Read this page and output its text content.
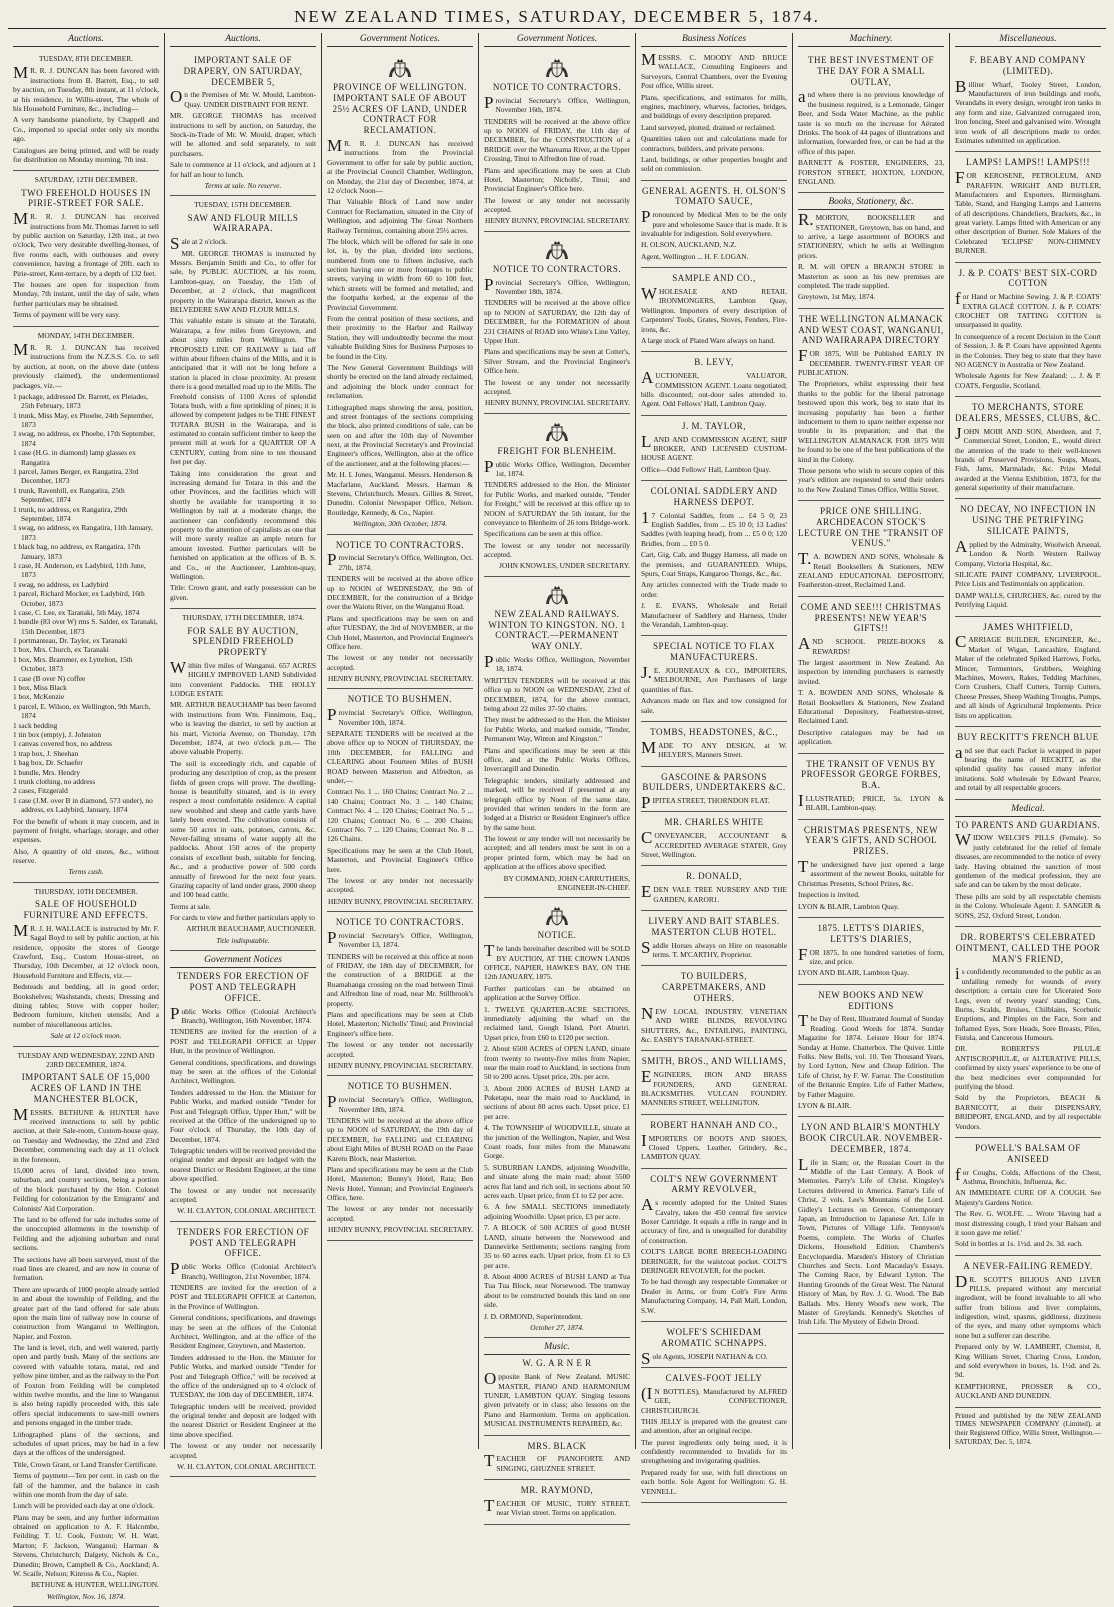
NEW ZEALAND TIMES, SATURDAY, DECEMBER 5, 1874.
Auctions.
TUESDAY, 8TH DECEMBER.

MR. R. J. DUNCAN has been favored with instructions from B. Barrett, Esq., to sell by auction, on Tuesday, 8th instant, at 11 o'clock, at his residence, in Willis-street, The whole of his Household Furniture, &c., including—

A very handsome pianoforte, by Chappell and Co., imported to special order only six months ago.

Catalogues are being printed, and will be ready for distribution on Monday morning, 7th inst.

SATURDAY, 12TH DECEMBER.
TWO FREEHOLD HOUSES IN PIRIE-STREET FOR SALE.

MR. R. J. DUNCAN has received instructions from Mr. Thomas Jarrett to sell by public auction on Saturday, 12th inst., at two o'clock, Two very desirable dwelling-houses, of five rooms each, with outhouses and every convenience, having a frontage of 20ft. each to Pirie-street, Kent-terrace, by a depth of 132 feet.

The houses are open for inspection from Monday, 7th instant, until the day of sale, when further particulars may be obtained.

Terms of payment will be very easy.

MONDAY, 14TH DECEMBER.

MR. R. J. DUNCAN has received instructions from the N.Z.S.S. Co. to sell by auction, at noon, on the above date (unless previously claimed), the undermentioned packages, viz.—

1 package, addressed Dr. Barrett, ex Pleiades, 25th February, 1873
1 trunk, Miss May, ex Phoebe, 24th September, 1873
1 swag, no address, ex Phoebe, 17th September, 1874
1 case (H.G. in diamond) lamp glasses ex Rangatira
1 parcel, James Berger, ex Rangatira, 23rd December, 1873
1 trunk, Ravenhill, ex Rangatira, 25th September, 1874
1 trunk, no address, ex Rangatira, 29th September, 1874
1 swag, no address, ex Rangatira, 11th January, 1873
1 black bag, no address, ex Rangatira, 17th January, 1873
1 case, H. Anderson, ex Ladybird, 11th June, 1873
1 swag, no address, ex Ladybird
1 parcel, Richard Mocker, ex Ladybird, 16th October, 1873
1 case, C. Lee, ex Taranaki, 5th May, 1874
1 bundle (83 over W) rms S. Salder, ex Taranaki, 15th December, 1873
1 portmanteau, Dr. Taylor, ex Taranaki
1 box, Mrs. Church, ex Taranaki
1 box, Mrs. Brammer, ex Lyttelton, 15th October, 1873
1 case (B over N) coffee
1 box, Miss Black
1 box, McKenzie
1 parcel, E. Wilson, ex Wellington, 9th March, 1874
1 sack bedding
1 tin box (empty), J. Johnston
1 canvas covered box, no address
1 trap box, J. Sheehan
1 bag box, Dr. Schaefer
1 bundle, Mrs. Hendry
1 trunk clothing, no address
2 cases, Fitzgerald
1 case (J.M. over B in diamond, 573 under), no address, ex Ladybird, January, 1874

For the benefit of whom it may concern, and in payment of freight, wharfage, storage, and other expenses.

Also, A quantity of old stores, &c., without reserve.

Terms cash.
THURSDAY, 10TH DECEMBER.
SALE OF HOUSEHOLD FURNITURE AND EFFECTS.

MR. J. H. WALLACE is instructed by Mr. F. Sagal Boyd to sell by public auction, at his residence, opposite the stores of George Crawford, Esq., Custom House-street, on Thursday, 10th December, at 12 o'clock noon, Household Furniture and Effects, viz.—

Bedsteads and bedding, all in good order; Bookshelves; Washstands, chests; Dressing and dining tables; Stove with copper boiler; Bedroom furniture, kitchen utensils; And a number of miscellaneous articles.

Sale at 12 o'clock noon.
TUESDAY AND WEDNESDAY, 22ND AND 23RD DECEMBER, 1874.
IMPORTANT SALE OF 15,000 ACRES OF LAND IN THE MANCHESTER BLOCK,

MESSRS. BETHUNE & HUNTER have received instructions to sell by public auction, at their Sale-room, Custom-house quay, on Tuesday and Wednesday, the 22nd and 23rd December, commencing each day at 11 o'clock in the forenoon,

15,000 acres of land, divided into town, suburban, and country sections, being a portion of the block purchased by the Hon. Colonel Feilding for colonization by the Emigrants' and Colonists' Aid Corporation.

The land to be offered for sale includes some of the unoccupied allotments in the township of Feilding and the adjoining suburban and rural sections.

The sections have all been surveyed, most of the road lines are cleared, and are now in course of formation.

There are upwards of 1000 people already settled in and about the township of Feilding, and the greater part of the land offered for sale abuts upon the main line of railway now in course of construction from Wanganui to Wellington, Napier, and Foxton.

The land is level, rich, and well watered, partly open and partly bush. Many of the sections are covered with valuable totara, matai, red and yellow pine timber, and as the railway to the Port of Foxton from Feilding will be completed within twelve months, and the line to Wanganui is also being rapidly proceeded with, this sale offers special inducements to saw-mill owners and persons engaged in the timber trade.

Lithographed plans of the sections, and schedules of upset prices, may be had in a few days at the offices of the undersigned.

Title, Crown Grant, or Land Transfer Certificate.

Terms of payment—Ten per cent. in cash on the fall of the hammer, and the balance in cash within one month from the day of sale.

Lunch will be provided each day at one o'clock.

Plans may be seen, and any further information obtained on application to A. F. Halcombe, Feilding; T. U. Cook, Foxton; W. H. Watt, Marton; F. Jackson, Wanganui; Harman & Stevens, Christchurch; Dalgety, Nichols & Co., Dunedin; Brown, Campbell & Co., Auckland; A. W. Scaife, Nelson; Kinross & Co., Napier.

BETHUNE & HUNTER, WELLINGTON.
Wellington, Nov. 16, 1874.
Auctions.
IMPORTANT SALE OF DRAPERY, ON SATURDAY, DECEMBER 5,

On the Premises of Mr. W. Mould, Lambton-Quay. UNDER DISTRAINT FOR RENT.

MR. GEORGE THOMAS has received instructions to sell by auction, on Saturday, the Stock-in-Trade of Mr. W. Mould, draper, which will be allotted and sold separately, to suit purchasers.

Sale to commence at 11 o'clock, and adjourn at 1 for half an hour to lunch.

Terms at sale. No reserve.
TUESDAY, 15TH DECEMBER.
SAW AND FLOUR MILLS WAIRARAPA.

Sale at 2 o'clock.

MR. GEORGE THOMAS is instructed by Messrs. Benjamin Smith and Co., to offer for sale, by PUBLIC AUCTION, at his room, Lambton-quay, on Tuesday, the 15th of December, at 2 o'clock, that magnificent property in the Wairarapa district, known as the BELVEDERE SAW AND FLOUR MILLS.

This valuable estate is situate at the Taratahi, Wairarapa, a few miles from Greytown, and about sixty miles from Wellington. The PROPOSED LINE OF RAILWAY is laid off within about fifteen chains of the Mills, and it is anticipated that it will not be long before a station is placed in close proximity. At present there is a good metalled road up to the Mills. The Freehold consists of 1100 Acres of splendid Totara bush, with a fine sprinkling of pines; it is allowed by competent judges to be THE FINEST TOTARA BUSH in the Wairarapa, and is estimated to contain sufficient timber to keep the present mill at work for a QUARTER OF A CENTURY, cutting from nine to ten thousand feet per day.

Taking into consideration the great and increasing demand for Totara in this and the other Provinces, and the facilities which will shortly be available for transporting it to Wellington by rail at a moderate charge, the auctioneer can confidently recommend this property to the attention of capitalists as one that will more surely realize an ample return for amount invested. Further particulars will be furnished on application at the offices of B. S. and Co., or the Auctioneer, Lambton-quay, Wellington.

Title: Crown grant, and early possession can be given.

THURSDAY, 17TH DECEMBER, 1874.
FOR SALE BY AUCTION, SPLENDID FREEHOLD PROPERTY

Within five miles of Wanganui. 657 ACRES HIGHLY IMPROVED LAND Subdivided into convenient Paddocks. THE HOLLY LODGE ESTATE

MR. ARTHUR BEAUCHAMP has been favored with instructions from Wm. Finnimore, Esq., who is leaving the district, to sell by auction at his mart, Victoria Avenue, on Thursday, 17th December, 1874, at two o'clock p.m.— The above valuable Property.

The soil is exceedingly rich, and capable of producing any description of crop, as the present fields of green crops will prove. The dwelling-house is beautifully situated, and is in every respect a most comfortable residence. A capital new woolshed and sheep and cattle yards have lately been erected. The cultivation consists of some 50 acres in oats, potatoes, carrots, &c. Never-failing streams of water supply all the paddocks. About 150 acres of the property consists of excellent bush, suitable for fencing, &c., and a productive power of 500 cords annually of firewood for the next four years. Grazing capacity of land under grass, 2000 sheep and 100 head cattle.

Terms at sale.

For cards to view and further particulars apply to

ARTHUR BEAUCHAMP, AUCTIONEER.
Title indisputable.
Government Notices
TENDERS FOR ERECTION OF POST AND TELEGRAPH OFFICE.

Public Works Office (Colonial Architect's Branch), Wellington, 16th November, 1874.

TENDERS are invited for the erection of a POST and TELEGRAPH OFFICE at Upper Hutt, in the province of Wellington.

General conditions, specifications, and drawings may be seen at the offices of the Colonial Architect, Wellington.

Tenders addressed to the Hon. the Minister for Public Works, and marked outside "Tender for Post and Telegraph Office, Upper Hutt," will be received at the Office of the undersigned up to Four o'clock of Thursday, the 10th day of December, 1874.

Telegraphic tenders will be received provided the original tender and deposit are lodged with the nearest District or Resident Engineer, at the time above specified.

The lowest or any tender not necessarily accepted.

W. H. CLAYTON, COLONIAL ARCHITECT.
TENDERS FOR ERECTION OF POST AND TELEGRAPH OFFICE.

Public Works Office (Colonial Architect's Branch), Wellington, 21st November, 1874.

TENDERS are invited for the erection of a POST and TELEGRAPH OFFICE at Carterton, in the Province of Wellington.

General conditions, specifications, and drawings may be seen at the offices of the Colonial Architect, Wellington, and at the office of the Resident Engineer, Greytown, and Masterton.

Tenders addressed to the Hon. the Minister for Public Works, and marked outside "Tender for Post and Telegraph Office," will be received at the office of the undersigned up to 4 o'clock of TUESDAY, the 10th day of DECEMBER, 1874.

Telegraphic tenders will be received, provided the original tender and deposit are lodged with the nearest District or Resident Engineer at the time above specified.

The lowest or any tender not necessarily accepted.

W. H. CLAYTON, COLONIAL ARCHITECT.
Government Notices.
PROVINCE OF WELLINGTON. IMPORTANT SALE OF ABOUT 25½ ACRES OF LAND, UNDER CONTRACT FOR RECLAMATION.

MR. R. J. DUNCAN has received instructions from the Provincial Government to offer for sale by public auction, at the Provincial Council Chamber, Wellington, on Monday, the 21st day of December, 1874, at 12 o'clock Noon—

That Valuable Block of Land now under Contract for Reclamation, situated in the City of Wellington, and adjoining The Great Northern Railway Terminus, containing about 25½ acres.

The block, which will be offered for sale in one lot, is, by the plan, divided into sections, numbered from one to fifteen inclusive, each section having one or more frontages to public streets, varying in width from 60 to 100 feet, which streets will be formed and metalled, and the footpaths kerbed, at the expense of the Provincial Government.

From the central position of these sections, and their proximity to the Harbor and Railway Station, they will undoubtedly become the most valuable Building Sites for Business Purposes to be found in the City.

The New General Government Buildings will shortly be erected on the land already reclaimed, and adjoining the block under contract for reclamation.

Lithographed maps showing the area, position, and street frontages of the sections comprising the block, also printed conditions of sale, can be seen on and after the 10th day of November next, at the Provincial Secretary's and Provincial Engineer's offices, Wellington, also at the office of the auctioneer, and at the following places:—

Mr. H. I. Jones, Wanganui. Messrs. Henderson & Macfarlane, Auckland. Messrs. Harman & Stevens, Christchurch. Messrs. Gillies & Street, Dunedin. Colonist Newspaper Office, Nelson. Routledge, Kennedy, & Co., Napier.

Wellington, 30th October, 1874.
NOTICE TO CONTRACTORS.

Provincial Secretary's Office, Wellington, Oct. 27th, 1874.

TENDERS will be received at the above office up to NOON of WEDNESDAY, the 9th of DECEMBER, for the construction of a Bridge over the Waiotu River, on the Wanganui Road.

Plans and specifications may be seen on and after TUESDAY, the 3rd of NOVEMBER, at the Club Hotel, Masterton, and Provincial Engineer's Office here.

The lowest or any tender not necessarily accepted.

HENRY BUNNY, PROVINCIAL SECRETARY.
NOTICE TO BUSHMEN.

Provincial Secretary's Office, Wellington, November 10th, 1874.

SEPARATE TENDERS will be received at the above office up to NOON of THURSDAY, the 10th DECEMBER, for FALLING and CLEARING about Fourteen Miles of BUSH ROAD between Masterton and Alfredton, as under,—

Contract No. 1 ... 160 Chains; Contract No. 2 ... 140 Chains; Contract No. 3 ... 140 Chains; Contract No. 4 ... 120 Chains; Contract No. 5 ... 120 Chains; Contract No. 6 ... 200 Chains; Contract No. 7 ... 120 Chains; Contract No. 8 ... 126 Chains.

Specifications may be seen at the Club Hotel, Masterton, and Provincial Engineer's Office here.

The lowest or any tender not necessarily accepted.

HENRY BUNNY, PROVINCIAL SECRETARY.
NOTICE TO CONTRACTORS.

Provincial Secretary's Office, Wellington, November 13, 1874.

TENDERS will be received at this office at noon of FRIDAY, the 18th day of DECEMBER, for the construction of a BRIDGE at the Ruamahanga crossing on the road between Tinui and Alfredton line of road, near Mr. Stillbrook's property.

Plans and specifications may be seen at Club Hotel, Masterton; Nicholls' Tinui; and Provincial Engineer's office here.

The lowest or any tender not necessarily accepted.

HENRY BUNNY, PROVINCIAL SECRETARY.
NOTICE TO BUSHMEN.

Provincial Secretary's Office, Wellington, November 18th, 1874.

TENDERS will be received at the above office up to NOON of SATURDAY, the 19th day of DECEMBER, for FALLING and CLEARING about Eight Miles of BUSH ROAD on the Parae Karetu Block, near Masterton.

Plans and specifications may be seen at the Club Hotel, Masterton; Bunny's Hotel, Rata; Ben Nevis Hotel, Yunnan; and Provincial Engineer's Office, here.

The lowest or any tender not necessarily accepted.

HENRY BUNNY, PROVINCIAL SECRETARY.
Government Notices.
NOTICE TO CONTRACTORS.

Provincial Secretary's Office, Wellington, November 16th, 1874.

TENDERS will be received at the above office up to NOON of FRIDAY, the 11th day of DECEMBER, for the CONSTRUCTION of a BRIDGE over the Whareama River, at the Upper Crossing, Tinui to Alfredton line of road.

Plans and specifications may be seen at Club Hotel, Masterton; Nicholls', Tinui; and Provincial Engineer's Office here.

The lowest or any tender not necessarily accepted.

HENRY BUNNY, PROVINCIAL SECRETARY.
NOTICE TO CONTRACTORS.

Provincial Secretary's Office, Wellington, November 18th, 1874.

TENDERS will be received at the above office up to NOON of SATURDAY, the 12th day of DECEMBER, for the FORMATION of about 231 CHAINS of ROAD into White's Line Valley, Upper Hutt.

Plans and specifications may be seen at Cotter's, Silver Stream, and the Provincial Engineer's Office here.

The lowest or any tender not necessarily accepted.

HENRY BUNNY, PROVINCIAL SECRETARY.
FREIGHT FOR BLENHEIM.

Public Works Office, Wellington, December 1st, 1874.

TENDERS addressed to the Hon. the Minister for Public Works, and marked outside, "Tender for Freight," will be received at this office up to NOON of SATURDAY the 5th instant, for the conveyance to Blenheim of 26 tons Bridge-work.

Specifications can be seen at this office.

The lowest or any tender not necessarily accepted.

JOHN KNOWLES, UNDER SECRETARY.
NEW ZEALAND RAILWAYS. WINTON TO KINGSTON. NO. 1 CONTRACT.—PERMANENT WAY ONLY.

Public Works Office, Wellington, November 18, 1874.

WRITTEN TENDERS will be received at this office up to NOON on WEDNESDAY, 23rd of DECEMBER, 1874, for the above contract, being about 22 miles 37-50 chains.

They must be addressed to the Hon. the Minister for Public Works, and marked outside, "Tender, Permanent Way, Winton and Kingston."

Plans and specifications may be seen at this office, and at the Public Works Offices, Invercargill and Dunedin.

Telegraphic tenders, similarly addressed and marked, will be received if presented at any telegraph office by Noon of the same date, provided that written tenders in the form are lodged at a District or Resident Engineer's office by the same hour.

The lowest or any tender will not necessarily be accepted; and all tenders must be sent in on a proper printed form, which may be had on application at the offices above specified.

BY COMMAND, JOHN CARRUTHERS, ENGINEER-IN-CHIEF.
NOTICE.

The lands hereinafter described will be SOLD BY AUCTION, AT THE CROWN LANDS OFFICE, NAPIER, HAWKE'S BAY, ON THE 12th JANUARY, 1875.

Further particulars can be obtained on application at the Survey Office.

1. TWELVE QUARTER-ACRE SECTIONS, immediately adjoining the wharf on the reclaimed land, Gough Island, Port Ahuriri. Upset price, from £60 to £120 per section.

2. About 6500 ACRES of OPEN LAND, situate from twenty to twenty-five miles from Napier, near the main road to Auckland, in sections from 50 to 200 acres. Upset price, 20s. per acre.

3. About 2000 ACRES of BUSH LAND at Puketapu, near the main road to Auckland, in sections of about 80 acres each. Upset price, £1 per acre.

4. The TOWNSHIP of WOODVILLE, situate at the junction of the Wellington, Napier, and West Coast roads, four miles from the Manawatu Gorge.

5. SUBURBAN LANDS, adjoining Woodville, and situate along the main road; about 5500 acres flat land and rich soil, in sections about 50 acres each. Upset price, from £1 to £2 per acre.

6. A few SMALL SECTIONS immediately adjoining Woodville. Upset price, £3 per acre.

7. A BLOCK of 500 ACRES of good BUSH LAND, situate between the Norsewood and Dannevirke Settlements; sections ranging from 35 to 60 acres each. Upset price, from £1 to £3 per acre.

8. About 4000 ACRES of BUSH LAND at Tua Tua Tua Block, near Norsewood. The tramway about to be constructed bounds this land on one side.

J. D. ORMOND, Superintendent.

October 27, 1874.
Music.
W. G. A R N E R

Opposite Bank of New Zealand. MUSIC MASTER, PIANO AND HARMONIUM TUNER, LAMBTON QUAY. Singing lessons given privately or in class; also lessons on the Piano and Harmonium. Terms on application. MUSICAL INSTRUMENTS REPAIRED, &c.

MRS. BLACK

TEACHER OF PIANOFORTE AND SINGING, GHUZNEE STREET.

MR. RAYMOND,

TEACHER OF MUSIC, TORY STREET, near Vivian street. Terms on application.

Business Notices

MESSRS. C. MOODY AND BRUCE WALLACE, Consulting Engineers and Surveyors, Central Chambers, over the Evening Post office, Willis street.

Plans, specifications, and estimates for mills, engines, machinery, wharves, factories, bridges, and buildings of every description prepared.

Land surveyed, plotted, drained or reclaimed.

Quantities taken out and calculations made for contractors, builders, and private persons.

Land, buildings, or other properties bought and sold on commission.

GENERAL AGENTS. H. OLSON'S TOMATO SAUCE,

Pronounced by Medical Men to be the only pure and wholesome Sauce that is made. It is invaluable for indigestion. Sold everywhere.

H. OLSON, AUCKLAND, N.Z.

Agent, Wellington ... H. F. LOGAN.

SAMPLE AND CO.,

WHOLESALE AND RETAIL IRONMONGERS, Lambton Quay, Wellington. Importers of every description of Carpenters' Tools, Grates, Stoves, Fenders, Fire-irons, &c.

A large stock of Plated Ware always on hand.

B. LEVY,

AUCTIONEER, VALUATOR, COMMISSION AGENT. Loans negotiated; bills discounted; out-door sales attended to. Agent. Odd Fellows' Hall, Lambton Quay.

J. M. TAYLOR,

LAND AND COMMISSION AGENT, SHIP BROKER, AND LICENSED CUSTOM-HOUSE AGENT.

Office—Odd Fellows' Hall, Lambton Quay.

COLONIAL SADDLERY AND HARNESS DEPOT.

17 Colonial Saddles, from ... £4 5 0; 23 English Saddles, from ... £5 10 0; 13 Ladies' Saddles (with leaping head), from ... £5 0 0; 120 Bridles, from ... £0 5 0.

Cart, Gig, Cab, and Buggy Harness, all made on the premises, and GUARANTEED. Whips, Spurs, Coat Straps, Kangaroo Thongs, &c., &c.

Any articles connected with the Trade made to order.

J. E. EVANS, Wholesale and Retail Manufacturer of Saddlery and Harness, Under the Verandah, Lambton-quay.

SPECIAL NOTICE TO FLAX MANUFACTURERS.

J.E. JOURNEAUX & CO., IMPORTERS, MELBOURNE, Are Purchasers of large quantities of flax.

Advances made on flax and tow consigned for sale.

TOMBS, HEADSTONES, &C.,

MADE TO ANY DESIGN, at W. HELYER'S, Manners Street.

GASCOINE & PARSONS BUILDERS, UNDERTAKERS &C.

PIPITEA STREET, THORNDON FLAT.

MR. CHARLES WHITE

CONVEYANCER, ACCOUNTANT & ACCREDITED AVERAGE STATER, Grey Street, Wellington.

R. DONALD,

EDEN VALE TREE NURSERY AND THE GARDEN, KAROR1.

LIVERY AND BAIT STABLES. MASTERTON CLUB HOTEL.

Saddle Horses always on Hire on reasonable terms. T. M'CARTHY, Proprietor.

TO BUILDERS, CARPETMAKERS, AND OTHERS.

NEW LOCAL INDUSTRY. VENETIAN AND WIRE BLINDS, REVOLVING SHUTTERS, &c., ENTAILING, PAINTING, &c. EASBY'S TARANAKI-STREET.

SMITH, BROS., AND WILLIAMS,

ENGINEERS, IRON AND BRASS FOUNDERS, AND GENERAL BLACKSMITHS. VULCAN FOUNDRY. MANNERS STREET, WELLINGTON.

ROBERT HANNAH AND CO.,

IMPORTERS OF BOOTS AND SHOES, Closed Uppers, Leather, Grindery, &c., LAMBTON QUAY.

COLT'S NEW GOVERNMENT ARMY REVOLVER,

As recently adopted for the United States Cavalry, takes the 450 central fire service Boxer Cartridge. It equals a rifle in range and in accuracy of fire, and is unequalled for durability of construction.

COLT'S LARGE BORE BREECH-LOADING DERINGER, for the waistcoat pocket. COLT'S DERINGER REVOLVER, for the pocket.

To be had through any respectable Gunmaker or Dealer in Arms, or from Colt's Fire Arms Manufacturing Company, 14, Pall Mall, London, S.W.

WOLFE'S SCHIEDAM AROMATIC SCHNAPPS.

Sole Agents, JOSEPH NATHAN & CO.

CALVES-FOOT JELLY

(IN BOTTLES), Manufactured by ALFRED GEE, CONFECTIONER, CHRISTCHURCH.

THIS JELLY is prepared with the greatest care and attention, after an original recipe.

The purest ingredients only being used, it is confidently recommended to Invalids for its strengthening and invigorating qualities.

Prepared ready for use, with full directions on each bottle. Sole Agent for Wellington: G. H. VENNELL.

Machinery.
THE BEST INVESTMENT OF THE DAY FOR A SMALL OUTLAY,

and where there is no previous knowledge of the business required, is a Lemonade, Ginger Beer, and Soda Water Machine, as the public taste is so much on the increase for Aërated Drinks. The book of 44 pages of illustrations and information, forwarded free, or can be had at the office of this paper.

BARNETT & FOSTER, ENGINEERS, 23, FORSTON STREET, HOXTON, LONDON, ENGLAND.

Books, Stationery, &c.

R.MORTON, BOOKSELLER and STATIONER, Greytown, has on hand, and to arrive, a large assortment of BOOKS and STATIONERY, which he sells at Wellington prices.

R. M. will OPEN a BRANCH STORE in Masterton as soon as his new premises are completed. The trade supplied.

Greytown, 1st May, 1874.

THE WELLINGTON ALMANACK AND WEST COAST, WANGANUI, AND WAIRARAPA DIRECTORY

FOR 1875, Will be Published EARLY IN DECEMBER. TWENTY-FIRST YEAR OF PUBLICATION.

The Proprietors, whilst expressing their best thanks to the public for the liberal patronage bestowed upon this work, beg to state that its increasing popularity has been a further inducement to them to spare neither expense nor trouble in its preparation; and that the WELLINGTON ALMANACK FOR 1875 Will be found to be one of the best publications of the kind in the Colony.

Those persons who wish to secure copies of this year's edition are requested to send their orders to the New Zealand Times Office, Willis Street.

PRICE ONE SHILLING. ARCHDEACON STOCK'S LECTURE ON THE "TRANSIT OF VENUS."

T.A. BOWDEN AND SONS, Wholesale & Retail Booksellers & Stationers, NEW ZEALAND EDUCATIONAL DEPOSITORY, Featherston-street, Reclaimed Land.

COME AND SEE!!! CHRISTMAS PRESENTS! NEW YEAR'S GIFTS!!

AND SCHOOL PRIZE-BOOKS & REWARDS!

The largest assortment in New Zealand. An inspection by intending purchasers is earnestly invited.

T. A. BOWDEN AND SONS, Wholesale & Retail Booksellers & Stationers, New Zealand Educational Depository, Featherston-street, Reclaimed Land.

Descriptive catalogues may be had on application.

THE TRANSIT OF VENUS BY PROFESSOR GEORGE FORBES, B.A.

ILLUSTRATED; PRICE, 5s. LYON & BLAIR, Lambton-quay.

CHRISTMAS PRESENTS, NEW YEAR'S GIFTS, AND SCHOOL PRIZES.

The undersigned have just opened a large assortment of the newest Books, suitable for Christmas Presents, School Prizes, &c.

Inspection is invited.

LYON & BLAIR, Lambton Quay.

1875. LETTS'S DIARIES, LETTS'S DIARIES,

FOR 1875, In one hundred varieties of form, size, and price.

LYON AND BLAIR, Lambton Quay.

NEW BOOKS AND NEW EDITIONS

The Day of Rest, Illustrated Journal of Sunday Reading. Good Words for 1874. Sunday Magazine for 1874. Leisure Hour for 1874. Sunday at Home. Chatterbox. The Quiver. Little Folks. New Bells, vol. 10. Ten Thousand Years, by Lord Lytton, New and Cheap Edition. The Life of Christ, by F. W. Farrar. The Constitution of the Britannic Empire. Life of Father Mathew, by Father Maguire.

LYON & BLAIR.

LYON AND BLAIR'S MONTHLY BOOK CIRCULAR. NOVEMBER-DECEMBER, 1874.

Life in Siam; or, the Russian Court in the Middle of the Last Century. A Book of Memories. Parry's Life of Christ. Kingsley's Lectures delivered in America. Farrar's Life of Christ, 2 vols. Lee's Mountains of the Lord. Gidley's Lectures on Greece. Contemporary Japan, an Introduction to Japanese Art. Life in Town, Pictures of Village Life. Tennyson's Poems, complete. The Works of Charles Dickens, Household Edition. Chambers's Encyclopaedia. Marsden's History of Christian Churches and Sects. Lord Macaulay's Essays. The Coming Race, by Edward Lytton. The Hunting Grounds of the Great West. The Natural History of Man, by Rev. J. G. Wood. The Bab Ballads. Mrs. Henry Wood's new work, The Master of Greylands. Kennedy's Sketches of Irish Life. The Mystery of Edwin Drood.

Miscellaneous.
F. BEABY AND COMPANY (LIMITED).

Billiter Wharf, Tooley Street, London, Manufacturers of iron buildings and roofs, Verandahs in every design, wrought iron tanks in any form and size, Galvanized corrugated iron, Iron fencing, Steel and galvanised wire. Wrought iron work of all descriptions made to order. Estimates submitted on application.

LAMPS! LAMPS!! LAMPS!!!

FOR KEROSENE, PETROLEUM, AND PARAFFIN. WRIGHT AND BUTLER, Manufacturers and Exporters, Birmingham. Table, Stand, and Hanging Lamps and Lanterns of all descriptions. Chandeliers, Brackets, &c., in great variety. Lamps fitted with American or any other description of Burner. Sole Makers of the Celebrated 'ECLIPSE' NON-CHIMNEY BURNER.

J. & P. COATS' BEST SIX-CORD COTTON

for Hand or Machine Sewing. J. & P. COATS' EXTRA GLACÉ COTTON. J. & P. COATS' CROCHET OR TATTING COTTON is unsurpassed in quality.

In consequence of a recent Decision in the Court of Session, J. & P. Coats have appointed Agents in the Colonies. They beg to state that they have NO AGENCY in Australia or New Zealand.

Wholesale Agents for New Zealand: ... J. & P. COATS, Ferguslie, Scotland.

TO MERCHANTS, STORE DEALERS, MESSES, CLUBS, &C.

JOHN MOIR AND SON, Aberdeen, and 7, Commercial Street, London, E., would direct the attention of the trade to their well-known brands of Preserved Provisions, Soups, Meats, Fish, Jams, Marmalade, &c. Prize Medal awarded at the Vienna Exhibition, 1873, for the general superiority of their manufacture.

NO DECAY, NO INFECTION IN USING THE PETRIFYING SILICATE PAINTS,

Applied by the Admiralty, Woolwich Arsenal, London & North Western Railway Company, Victoria Hospital, &c.

SILICATE PAINT COMPANY, LIVERPOOL. Price Lists and Testimonials on application.

DAMP WALLS, CHURCHES, &c. cured by the Petrifying Liquid.

JAMES WHITFIELD,

CARRIAGE BUILDER, ENGINEER, &c., Market of Wigan, Lancashire, England. Maker of the celebrated Spiked Harrows, Forks, Mincer, Tormentors, Grubbers, Weighing Machines, Mowers, Rakes, Tedding Machines, Corn Crushers, Chaff Cutters, Turnip Cutters, Cheese Presses, Sheep Washing Troughs, Pumps, and all kinds of Agricultural Implements. Price lists on application.

BUY RECKITT'S FRENCH BLUE

and see that each Packet is wrapped in paper bearing the name of RECKITT, as the splendid quality has caused many inferior imitations. Sold wholesale by Edward Pearce, and retail by all respectable grocers.

Medical.
TO PARENTS AND GUARDIANS.

WIDOW WELCH'S PILLS (Female). So justly celebrated for the relief of female diseases, are recommended to the notice of every lady. Having obtained the sanction of most gentlemen of the medical profession, they are safe and can be taken by the most delicate.

These pills are sold by all respectable chemists in the Colony. Wholesale Agent: J. SANGER & SONS, 252, Oxford Street, London.

DR. ROBERTS'S CELEBRATED OINTMENT, CALLED THE POOR MAN'S FRIEND,

is confidently recommended to the public as an unfailing remedy for wounds of every description; a certain cure for Ulcerated Sore Legs, even of twenty years' standing; Cuts, Burns, Scalds, Bruises, Chilblains, Scorbutic Eruptions, and Pimples on the Face, Sore and Inflamed Eyes, Sore Heads, Sore Breasts, Piles, Fistula, and Cancerous Humours.

DR. ROBERTS'S PILULÆ ANTISCROPHULÆ, or ALTERATIVE PILLS, confirmed by sixty years' experience to be one of the best medicines ever compounded for purifying the blood.

Sold by the Proprietors, BEACH & BARNICOTT, at their DISPENSARY, BRIDPORT, ENGLAND, and by all respectable Vendors.

POWELL'S BALSAM OF ANISEED

for Coughs, Colds, Affections of the Chest, Asthma, Bronchitis, Influenza, &c.

AN IMMEDIATE CURE OF A COUGH. See Majesty's Gardens Notice.

The Rev. G. WOLFE. ... Wrote 'Having had a most distressing cough, I tried your Balsam and it soon gave me relief.'

Sold in bottles at 1s. 1½d. and 2s. 3d. each.

A NEVER-FAILING REMEDY.

DR. SCOTT'S BILIOUS AND LIVER PILLS, prepared without any mercurial ingredient, will be found invaluable to all who suffer from bilious and liver complaints, indigestion, wind, spasms, giddiness, dizziness of the eyes, and many other symptoms which none but a sufferer can describe.

Prepared only by W. LAMBERT, Chemist, 8, King William Street, Charing Cross, London, and sold everywhere in boxes, 1s. 1½d. and 2s. 9d.

KEMPTHORNE, PROSSER & CO., AUCKLAND AND DUNEDIN.

Printed and published by the NEW ZEALAND TIMES NEWSPAPER COMPANY (Limited), at their Registered Office, Willis Street, Wellington.—SATURDAY, Dec. 5, 1874.
